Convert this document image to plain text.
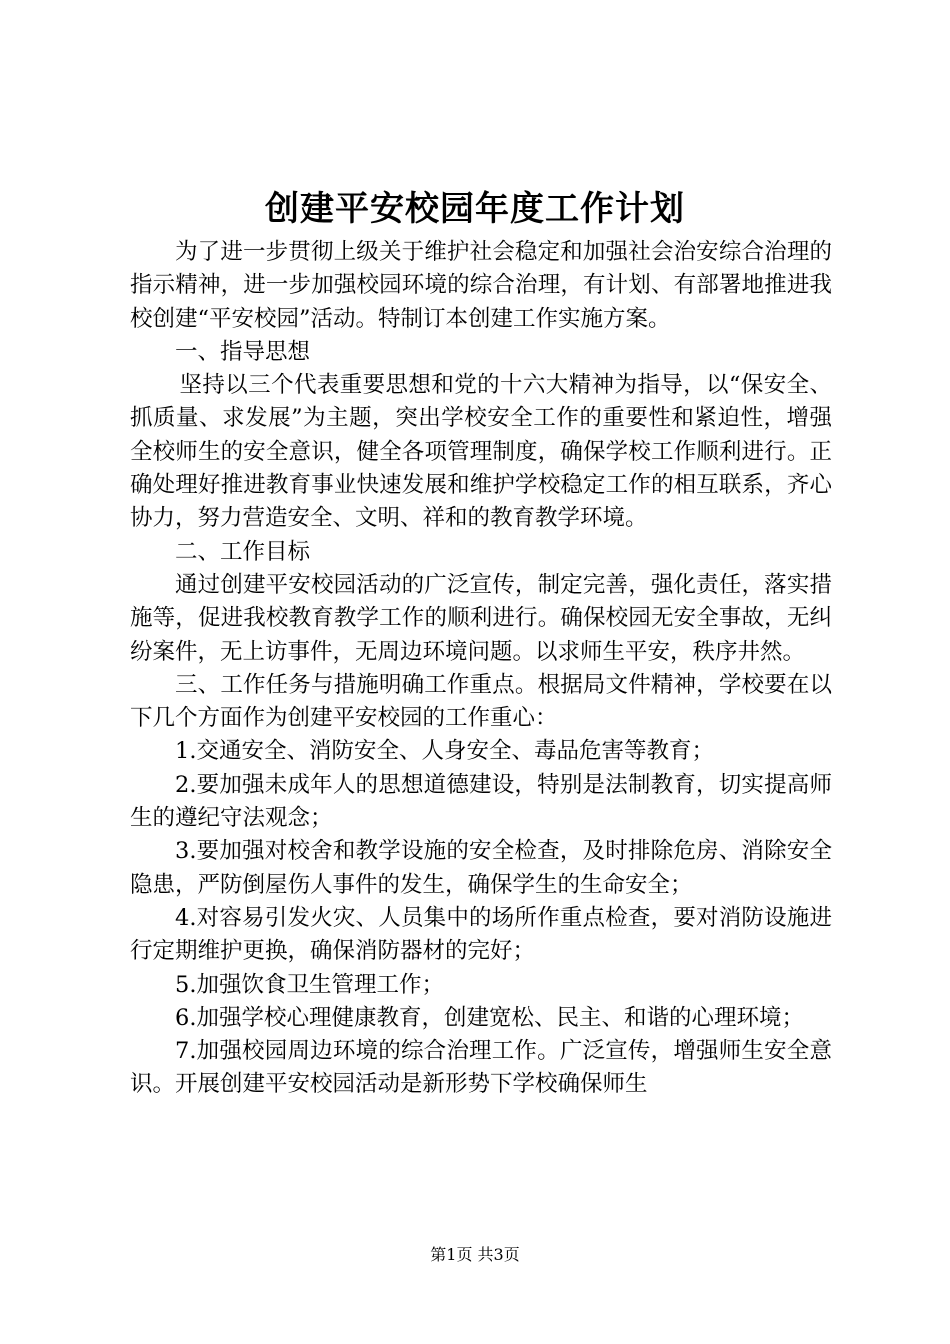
创建平安校园年度工作计划

为了进一步贯彻上级关于维护社会稳定和加强社会治安综合治理的指示精神，进一步加强校园环境的综合治理，有计划、有部署地推进我校创建“平安校园”活动。特制订本创建工作实施方案。

一、指导思想

坚持以三个代表重要思想和党的十六大精神为指导，以“保安全、抓质量、求发展”为主题，突出学校安全工作的重要性和紧迫性，增强全校师生的安全意识，健全各项管理制度，确保学校工作顺利进行。正确处理好推进教育事业快速发展和维护学校稳定工作的相互联系，齐心协力，努力营造安全、文明、祥和的教育教学环境。

二、工作目标

通过创建平安校园活动的广泛宣传，制定完善，强化责任，落实措施等，促进我校教育教学工作的顺利进行。确保校园无安全事故，无纠纷案件，无上访事件，无周边环境问题。以求师生平安，秩序井然。

三、工作任务与措施明确工作重点。根据局文件精神，学校要在以下几个方面作为创建平安校园的工作重心：

1.交通安全、消防安全、人身安全、毒品危害等教育；

2.要加强未成年人的思想道德建设，特别是法制教育，切实提高师生的遵纪守法观念；

3.要加强对校舍和教学设施的安全检查，及时排除危房、消除安全隐患，严防倒屋伤人事件的发生，确保学生的生命安全；

4.对容易引发火灾、人员集中的场所作重点检查，要对消防设施进行定期维护更换，确保消防器材的完好；

5.加强饮食卫生管理工作；

6.加强学校心理健康教育，创建宽松、民主、和谐的心理环境；

7.加强校园周边环境的综合治理工作。广泛宣传，增强师生安全意识。开展创建平安校园活动是新形势下学校确保师生

第1页 共3页
